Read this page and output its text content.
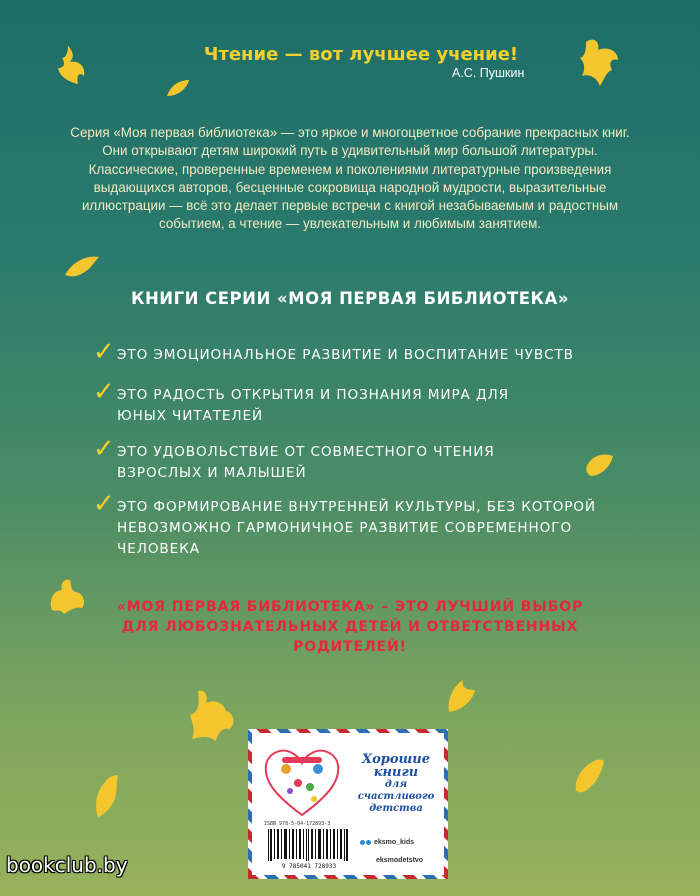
Чтение — вот лучшее учение!
А.С. Пушкин
Серия «Моя первая библиотека» — это яркое и многоцветное собрание прекрасных книг. Они открывают детям широкий путь в удивительный мир большой литературы. Классические, проверенные временем и поколениями литературные произведения выдающихся авторов, бесценные сокровища народной мудрости, выразительные иллюстрации — всё это делает первые встречи с книгой незабываемым и радостным событием, а чтение — увлекательным и любимым занятием.
КНИГИ СЕРИИ «МОЯ ПЕРВАЯ БИБЛИОТЕКА»
✓ ЭТО ЭМОЦИОНАЛЬНОЕ РАЗВИТИЕ И ВОСПИТАНИЕ ЧУВСТВ
✓ ЭТО РАДОСТЬ ОТКРЫТИЯ И ПОЗНАНИЯ МИРА ДЛЯ ЮНЫХ ЧИТАТЕЛЕЙ
✓ ЭТО УДОВОЛЬСТВИЕ ОТ СОВМЕСТНОГО ЧТЕНИЯ ВЗРОСЛЫХ И МАЛЫШЕЙ
✓ ЭТО ФОРМИРОВАНИЕ ВНУТРЕННЕЙ КУЛЬТУРЫ, БЕЗ КОТОРОЙ НЕВОЗМОЖНО ГАРМОНИЧНОЕ РАЗВИТИЕ СОВРЕМЕННОГО ЧЕЛОВЕКА
«МОЯ ПЕРВАЯ БИБЛИОТЕКА» – ЭТО ЛУЧШИЙ ВЫБОР ДЛЯ ЛЮБОЗНАТЕЛЬНЫХ ДЕТЕЙ И ОТВЕТСТВЕННЫХ РОДИТЕЛЕЙ!
Хорошие книги
для счастливого детства
ISBN 978-5-04-172893-3
9 785041 728933
eksmo_kids
eksmodetstvo
bookclub.by
